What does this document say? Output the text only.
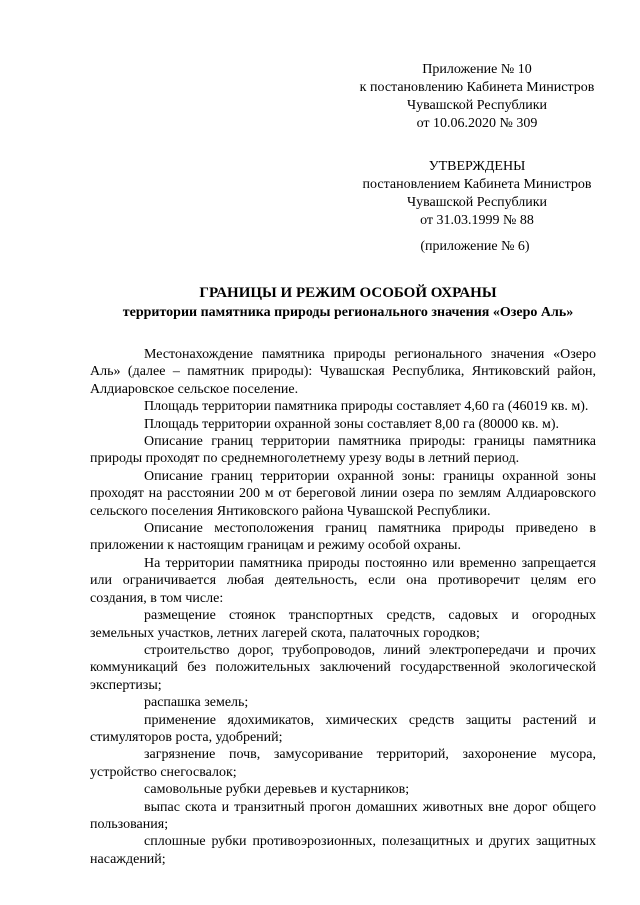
Приложение № 10
к постановлению Кабинета Министров
Чувашской Республики
от 10.06.2020 № 309
УТВЕРЖДЕНЫ
постановлением Кабинета Министров
Чувашской Республики
от 31.03.1999 № 88
(приложение № 6)
ГРАНИЦЫ И РЕЖИМ ОСОБОЙ ОХРАНЫ
территории памятника природы регионального значения «Озеро Аль»

Местонахождение памятника природы регионального значения «Озеро Аль» (далее – памятник природы): Чувашская Республика, Янтиковский район, Алдиаровское сельское поселение.

Площадь территории памятника природы составляет 4,60 га (46019 кв. м).

Площадь территории охранной зоны составляет 8,00 га (80000 кв. м).

Описание границ территории памятника природы: границы памятника природы проходят по среднемноголетнему урезу воды в летний период.

Описание границ территории охранной зоны: границы охранной зоны проходят на расстоянии 200 м от береговой линии озера по землям Алдиаровского сельского поселения Янтиковского района Чувашской Республики.

Описание местоположения границ памятника природы приведено в приложении к настоящим границам и режиму особой охраны.

На территории памятника природы постоянно или временно запрещается или ограничивается любая деятельность, если она противоречит целям его создания, в том числе:

размещение стоянок транспортных средств, садовых и огородных земельных участков, летних лагерей скота, палаточных городков;

строительство дорог, трубопроводов, линий электропередачи и прочих коммуникаций без положительных заключений государственной экологической экспертизы;

распашка земель;

применение ядохимикатов, химических средств защиты растений и стимуляторов роста, удобрений;

загрязнение почв, замусоривание территорий, захоронение мусора, устройство снегосвалок;

самовольные рубки деревьев и кустарников;

выпас скота и транзитный прогон домашних животных вне дорог общего пользования;

сплошные рубки противоэрозионных, полезащитных и других защитных насаждений;
